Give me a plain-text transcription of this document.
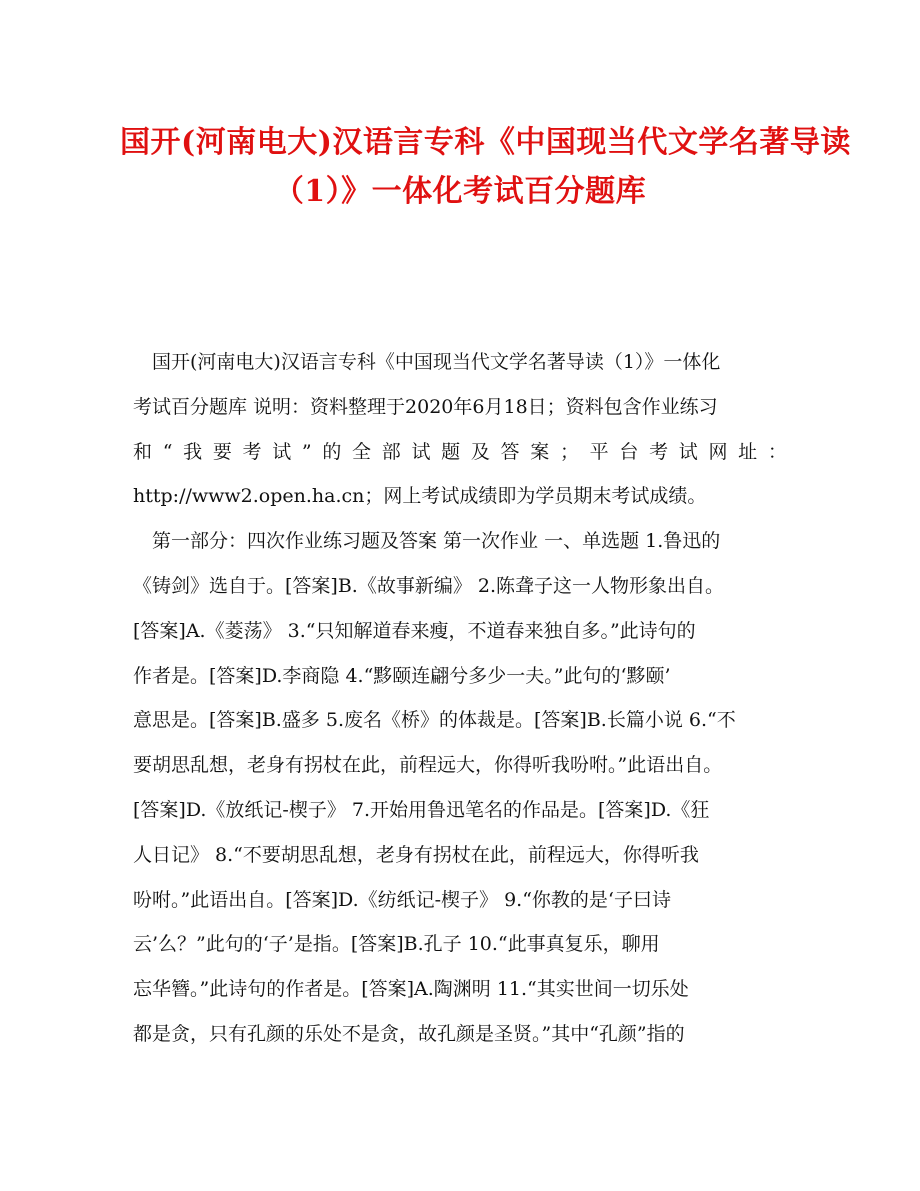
国开(河南电大)汉语言专科《中国现当代文学名著导读
（1）》一体化考试百分题库
　国开(河南电大)汉语言专科《中国现当代文学名著导读（1）》一体化
考试百分题库 说明：资料整理于2020年6月18日；资料包含作业练习
和 “ 我 要 考 试 ” 的 全 部 试 题 及 答 案 ； 平 台 考 试 网 址 ：
http://www2.open.ha.cn；网上考试成绩即为学员期末考试成绩。
　第一部分：四次作业练习题及答案 第一次作业 一、单选题 1.鲁迅的
《铸剑》选自于。[答案]B.《故事新编》 2.陈聋子这一人物形象出自。
[答案]A.《菱荡》 3.“只知解道春来瘦，不道春来独自多。”此诗句的
作者是。[答案]D.李商隐 4.“黟颐连翩兮多少一夫。”此句的‘黟颐’
意思是。[答案]B.盛多 5.废名《桥》的体裁是。[答案]B.长篇小说 6.“不
要胡思乱想，老身有拐杖在此，前程远大，你得听我吩咐。”此语出自。
[答案]D.《放纸记-楔子》 7.开始用鲁迅笔名的作品是。[答案]D.《狂
人日记》 8.“不要胡思乱想，老身有拐杖在此，前程远大，你得听我
吩咐。”此语出自。[答案]D.《纺纸记-楔子》 9.“你教的是‘子曰诗
云’么？”此句的‘子’是指。[答案]B.孔子 10.“此事真复乐，聊用
忘华簪。”此诗句的作者是。[答案]A.陶渊明 11.“其实世间一切乐处
都是贪，只有孔颜的乐处不是贪，故孔颜是圣贤。”其中“孔颜”指的
